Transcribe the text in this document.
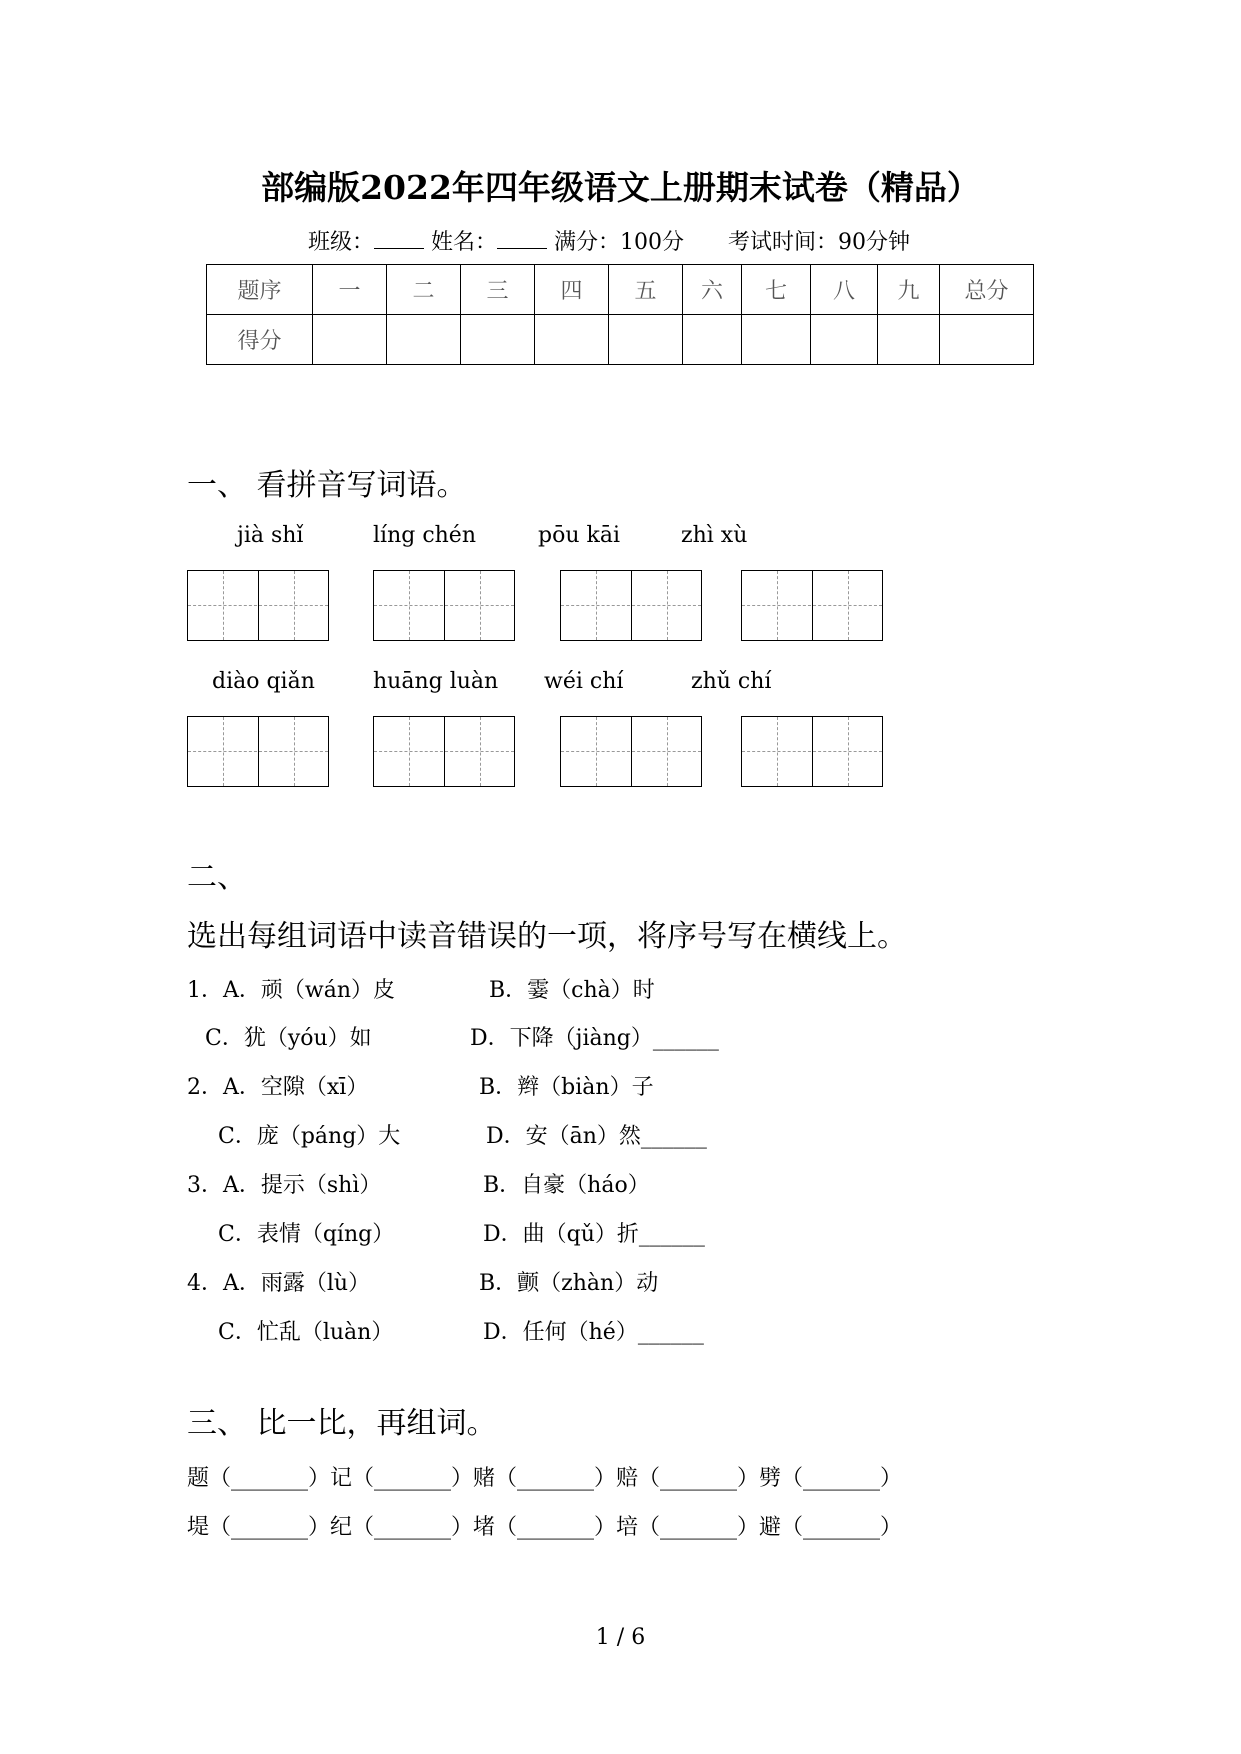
部编版2022年四年级语文上册期末试卷（精品）
班级：	姓名：	满分：100分 考试时间：90分钟
题序	一	二	三	四	五	六	七	八	九	总分
得分										
一、 看拼音写词语。
jià shǐ	líng chén	pōu kāi	zhì xù
diào qiǎn	huāng luàn wéi chí	zhǔ chí
二、
选出每组词语中读音错误的一项，将序号写在横线上。
1．A．顽（wán）皮	B．霎（chà）时
C．犹（yóu）如	D．下降（jiàng）______
2．A．空隙（xī）	B．辫（biàn）子
C．庞（páng）大	D．安（ān）然______
3．A．提示（shì）	B．自豪（háo）
C．表情（qíng）	D．曲（qǔ）折______
4．A．雨露（lù）	B．颤（zhàn）动
C．忙乱（luàn）	D．任何（hé）______
三、 比一比，再组词。
题（_______）记（_______）赌（_______）赔（_______）劈（_______）
堤（_______）纪（_______）堵（_______）培（_______）避（_______）
1 / 6
